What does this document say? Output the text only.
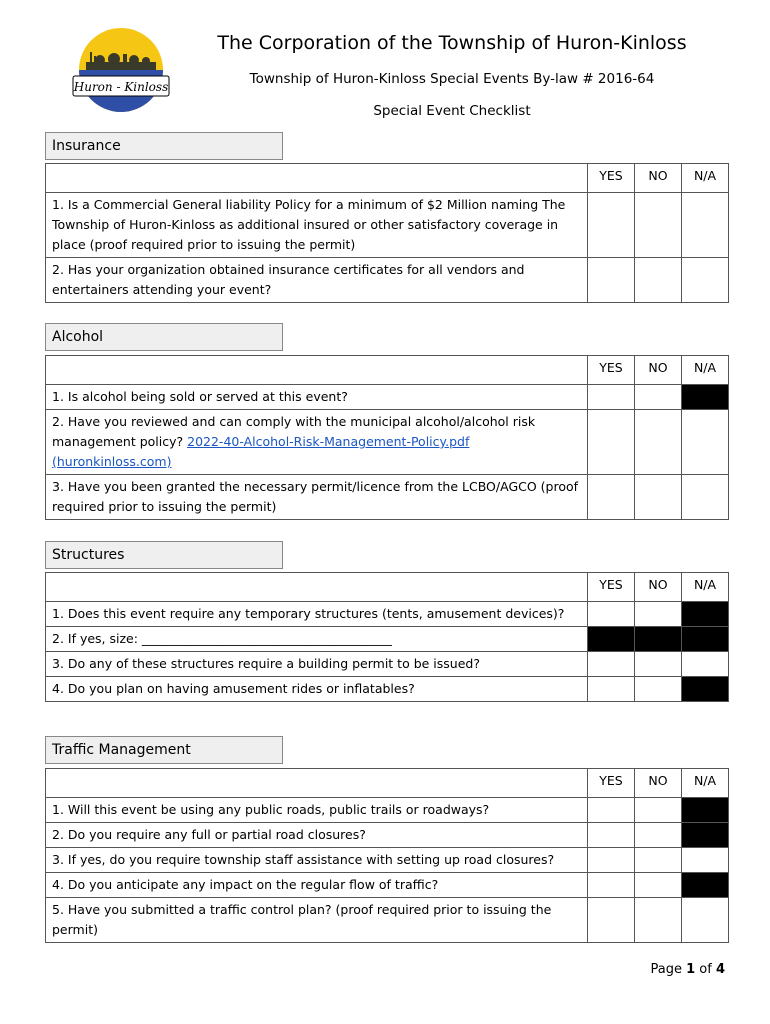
Huron - Kinloss
The Corporation of the Township of Huron-Kinloss
Township of Huron-Kinloss Special Events By-law # 2016-64
Special Event Checklist
Insurance
	YES	NO	N/A
1. Is a Commercial General liability Policy for a minimum of $2 Million naming The Township of Huron-Kinloss as additional insured or other satisfactory coverage in place (proof required prior to issuing the permit)			
2. Has your organization obtained insurance certificates for all vendors and entertainers attending your event?			
Alcohol
	YES	NO	N/A
1. Is alcohol being sold or served at this event?			
2. Have you reviewed and can comply with the municipal alcohol/alcohol risk management policy? 2022-40-Alcohol-Risk-Management-Policy.pdf
(huronkinloss.com)			
3. Have you been granted the necessary permit/licence from the LCBO/AGCO (proof required prior to issuing the permit)			
Structures
	YES	NO	N/A
1. Does this event require any temporary structures (tents, amusement devices)?			
2. If yes, size: ________________________________________			
3. Do any of these structures require a building permit to be issued?			
4. Do you plan on having amusement rides or inflatables?			
Traffic Management
	YES	NO	N/A
1. Will this event be using any public roads, public trails or roadways?			
2. Do you require any full or partial road closures?			
3. If yes, do you require township staff assistance with setting up road closures?			
4. Do you anticipate any impact on the regular flow of traffic?			
5. Have you submitted a traffic control plan? (proof required prior to issuing the permit)			
Page 1 of 4
